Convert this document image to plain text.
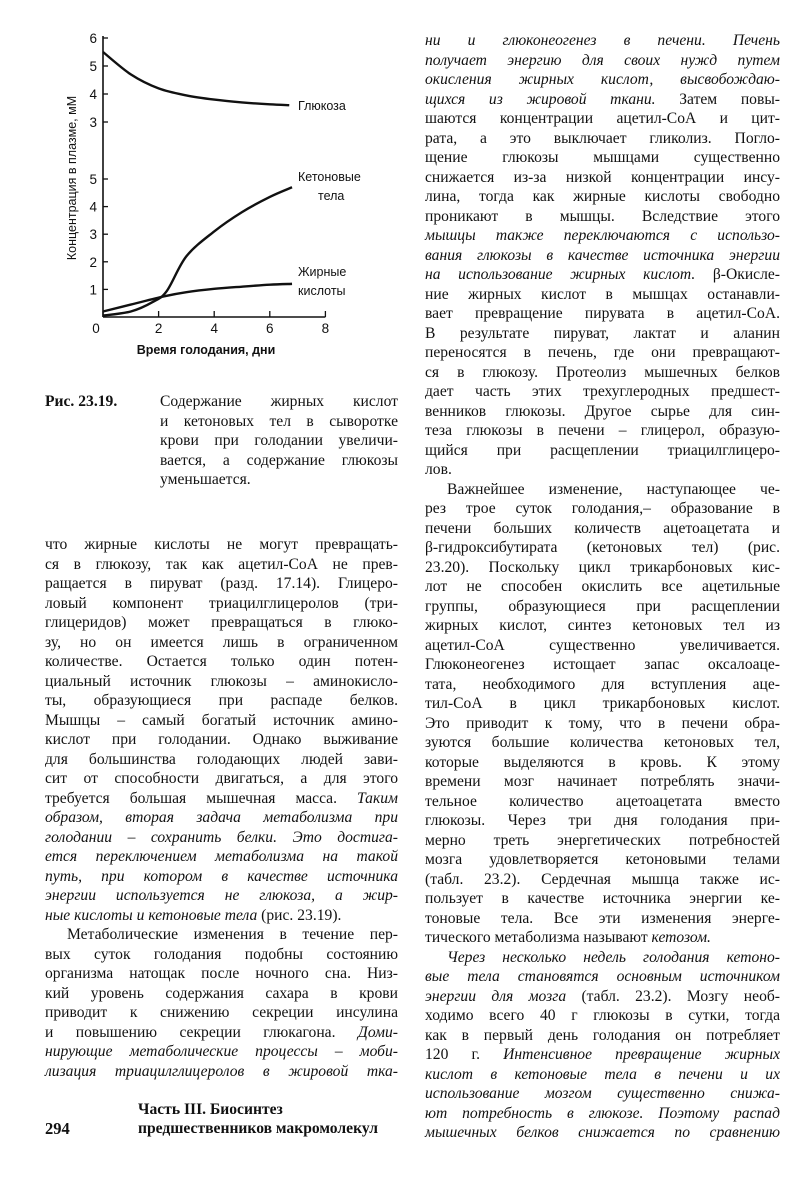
0	2	4	6	8
3
4
5
6
1
2
3
4
5
Глюкоза
Кетоновые
тела
Жирные
кислоты
Концентрация в плазме, мМ
Время голодания, дни
Рис. 23.19.	Содержание жирных кислот
и кетоновых тел в сыворотке
крови при голодании увеличи-
вается, а содержание глюкозы
уменьшается.
что жирные кислоты не могут превращать-
ся в глюкозу, так как ацетил-СоА не прев-
ращается в пируват (разд. 17.14). Глицеро-
ловый компонент триацилглицеролов (три-
глицеридов) может превращаться в глюко-
зу, но он имеется лишь в ограниченном
количестве. Остается только один потен-
циальный источник глюкозы – аминокисло-
ты, образующиеся при распаде белков.
Мышцы – самый богатый источник амино-
кислот при голодании. Однако выживание
для большинства голодающих людей зави-
сит от способности двигаться, а для этого
требуется большая мышечная масса. Таким
образом, вторая задача метаболизма при
голодании – сохранить белки. Это достига-
ется переключением метаболизма на такой
путь, при котором в качестве источника
энергии используется не глюкоза, а жир-
ные кислоты и кетоновые тела (рис. 23.19).
Метаболические изменения в течение пер-
вых суток голодания подобны состоянию
организма натощак после ночного сна. Низ-
кий уровень содержания сахара в крови
приводит к снижению секреции инсулина
и повышению секреции глюкагона. Доми-
нирующие метаболические процессы – моби-
лизация триацилглицеролов в жировой тка-
ни и глюконеогенез в печени. Печень
получает энергию для своих нужд путем
окисления жирных кислот, высвобождаю-
щихся из жировой ткани. Затем повы-
шаются концентрации ацетил-СоА и цит-
рата, а это выключает гликолиз. Погло-
щение глюкозы мышцами существенно
снижается из-за низкой концентрации инсу-
лина, тогда как жирные кислоты свободно
проникают в мышцы. Вследствие этого
мышцы также переключаются с использо-
вания глюкозы в качестве источника энергии
на использование жирных кислот. β-Окисле-
ние жирных кислот в мышцах останавли-
вает превращение пирувата в ацетил-СоА.
В результате пируват, лактат и аланин
переносятся в печень, где они превращают-
ся в глюкозу. Протеолиз мышечных белков
дает часть этих трехуглеродных предшест-
венников глюкозы. Другое сырье для син-
теза глюкозы в печени – глицерол, образую-
щийся при расщеплении триацилглицеро-
лов.
Важнейшее изменение, наступающее че-
рез трое суток голодания,– образование в
печени больших количеств ацетоацетата и
β-гидроксибутирата (кетоновых тел) (рис.
23.20). Поскольку цикл трикарбоновых кис-
лот не способен окислить все ацетильные
группы, образующиеся при расщеплении
жирных кислот, синтез кетоновых тел из
ацетил-СоА существенно увеличивается.
Глюконеогенез истощает запас оксалоаце-
тата, необходимого для вступления аце-
тил-СоА в цикл трикарбоновых кислот.
Это приводит к тому, что в печени обра-
зуются большие количества кетоновых тел,
которые выделяются в кровь. К этому
времени мозг начинает потреблять значи-
тельное количество ацетоацетата вместо
глюкозы. Через три дня голодания при-
мерно треть энергетических потребностей
мозга удовлетворяется кетоновыми телами
(табл. 23.2). Сердечная мышца также ис-
пользует в качестве источника энергии ке-
тоновые тела. Все эти изменения энерге-
тического метаболизма называют кетозом.
Через несколько недель голодания кетоно-
вые тела становятся основным источником
энергии для мозга (табл. 23.2). Мозгу необ-
ходимо всего 40 г глюкозы в сутки, тогда
как в первый день голодания он потребляет
120 г. Интенсивное превращение жирных
кислот в кетоновые тела в печени и их
использование мозгом существенно снижа-
ют потребность в глюкозе. Поэтому распад
мышечных белков снижается по сравнению
294
Часть III. Биосинтез
предшественников макромолекул
